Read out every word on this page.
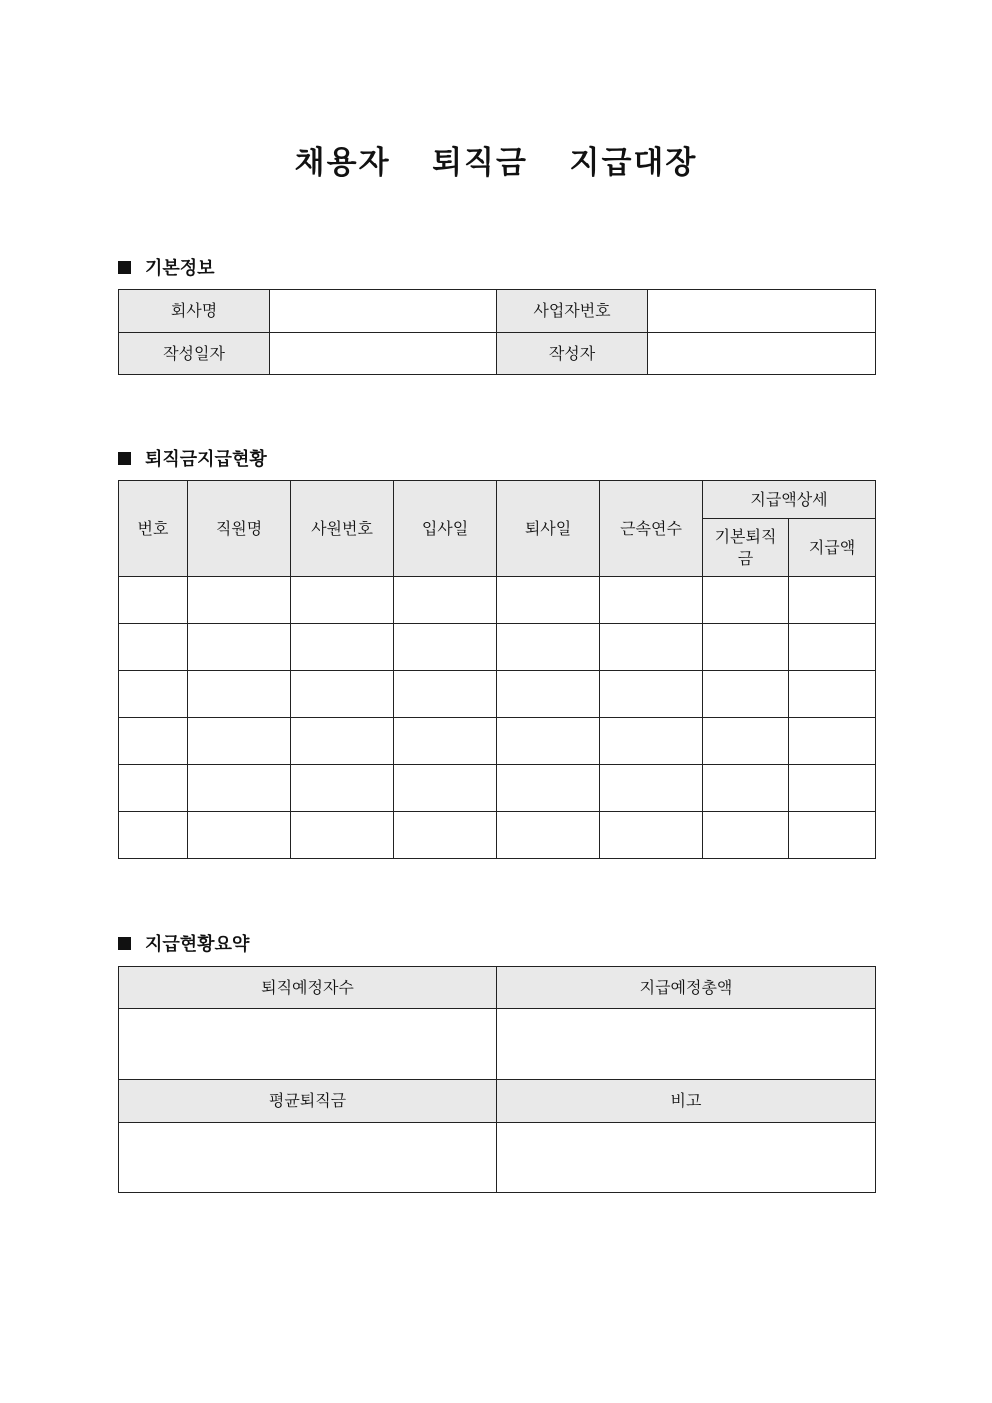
채용자  퇴직금  지급대장
기본정보
회사명		사업자번호	
작성일자		작성자	
퇴직금지급현황
번호	직원명	사원번호	입사일	퇴사일	근속연수	지급액상세	
						기본퇴직금	지급액

지급현황요약
퇴직예정자수	지급예정총액

평균퇴직금	비고
